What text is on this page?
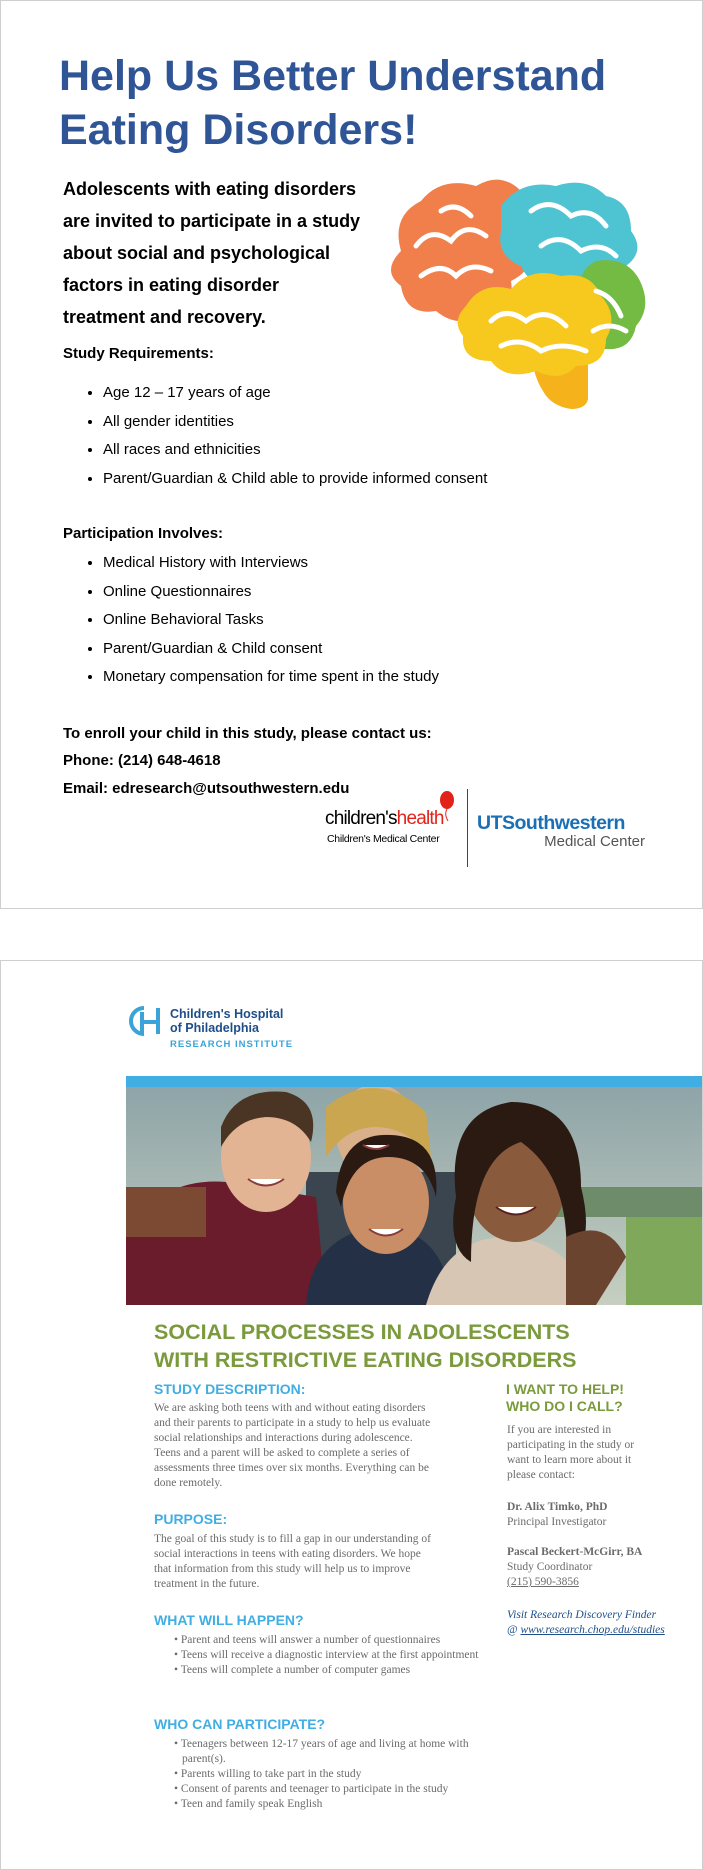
Help Us Better Understand
Eating Disorders!

Adolescents with eating disorders
are invited to participate in a study
about social and psychological
factors in eating disorder
treatment and recovery.

Study Requirements:

• Age 12 – 17 years of age
• All gender identities
• All races and ethnicities
• Parent/Guardian & Child able to provide informed consent

Participation Involves:

• Medical History with Interviews
• Online Questionnaires
• Online Behavioral Tasks
• Parent/Guardian & Child consent
• Monetary compensation for time spent in the study
To enroll your child in this study, please contact us:
Phone: (214) 648-4618
Email: edresearch@utsouthwestern.edu
children'shealth
Children's Medical Center
UTSouthwestern
Medical Center
Children's Hospital
of Philadelphia
RESEARCH INSTITUTE
SOCIAL PROCESSES IN ADOLESCENTS
WITH RESTRICTIVE EATING DISORDERS
STUDY DESCRIPTION:

We are asking both teens with and without eating disorders
and their parents to participate in a study to help us evaluate
social relationships and interactions during adolescence.
Teens and a parent will be asked to complete a series of
assessments three times over six months. Everything can be
done remotely.

PURPOSE:

The goal of this study is to fill a gap in our understanding of
social interactions in teens with eating disorders. We hope
that information from this study will help us to improve
treatment in the future.

WHAT WILL HAPPEN?
• Parent and teens will answer a number of questionnaires
• Teens will receive a diagnostic interview at the first appointment
• Teens will complete a number of computer games
WHO CAN PARTICIPATE?
• Teenagers between 12-17 years of age and living at home with parent(s).
• Parents willing to take part in the study
• Consent of parents and teenager to participate in the study
• Teen and family speak English
I WANT TO HELP!
WHO DO I CALL?
If you are interested in
participating in the study or
want to learn more about it
please contact:
Dr. Alix Timko, PhD
Principal Investigator
Pascal Beckert-McGirr, BA
Study Coordinator
(215) 590-3856
Visit Research Discovery Finder
@ www.research.chop.edu/studies
